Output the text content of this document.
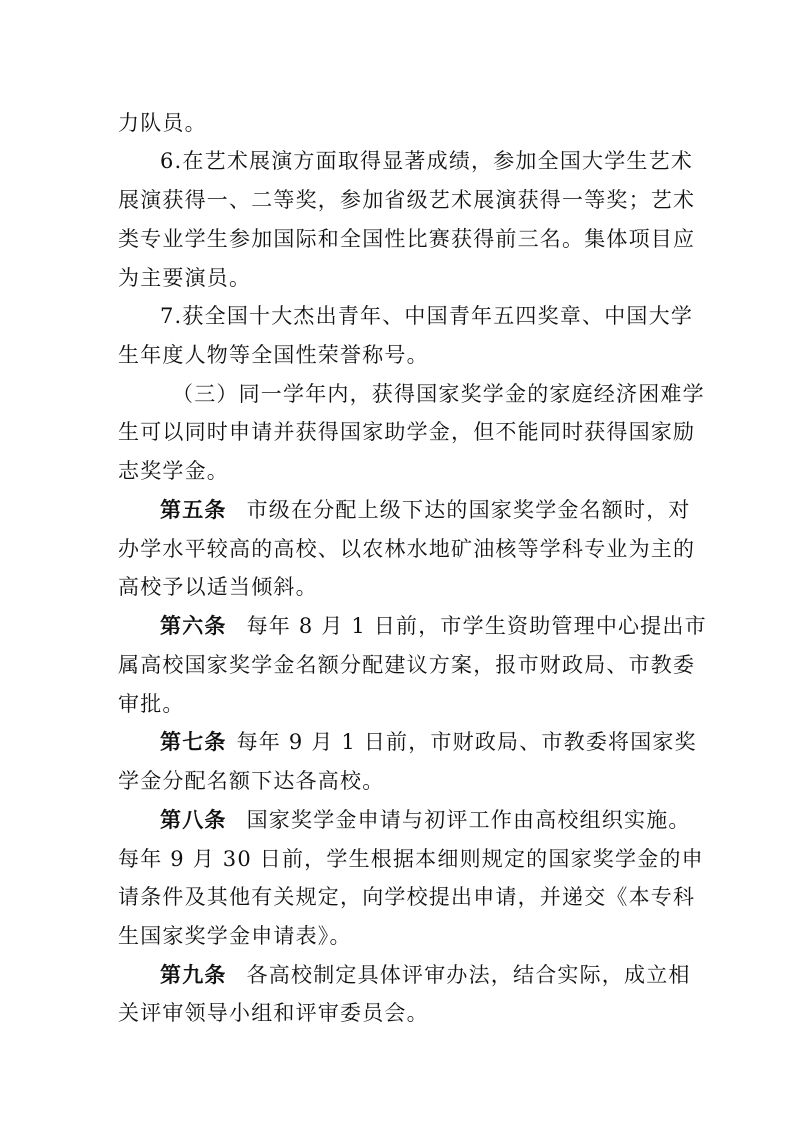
力队员。
6.在艺术展演方面取得显著成绩，参加全国大学生艺术
展演获得一、二等奖，参加省级艺术展演获得一等奖；艺术
类专业学生参加国际和全国性比赛获得前三名。集体项目应
为主要演员。
7.获全国十大杰出青年、中国青年五四奖章、中国大学
生年度人物等全国性荣誉称号。
（三）同一学年内，获得国家奖学金的家庭经济困难学
生可以同时申请并获得国家助学金，但不能同时获得国家励
志奖学金。
第五条 市级在分配上级下达的国家奖学金名额时，对
办学水平较高的高校、以农林水地矿油核等学科专业为主的
高校予以适当倾斜。
第六条 每年 8 月 1 日前，市学生资助管理中心提出市
属高校国家奖学金名额分配建议方案，报市财政局、市教委
审批。
第七条 每年 9 月 1 日前，市财政局、市教委将国家奖
学金分配名额下达各高校。
第八条 国家奖学金申请与初评工作由高校组织实施。
每年 9 月 30 日前，学生根据本细则规定的国家奖学金的申
请条件及其他有关规定，向学校提出申请，并递交《本专科
生国家奖学金申请表》。
第九条 各高校制定具体评审办法，结合实际，成立相
关评审领导小组和评审委员会。
